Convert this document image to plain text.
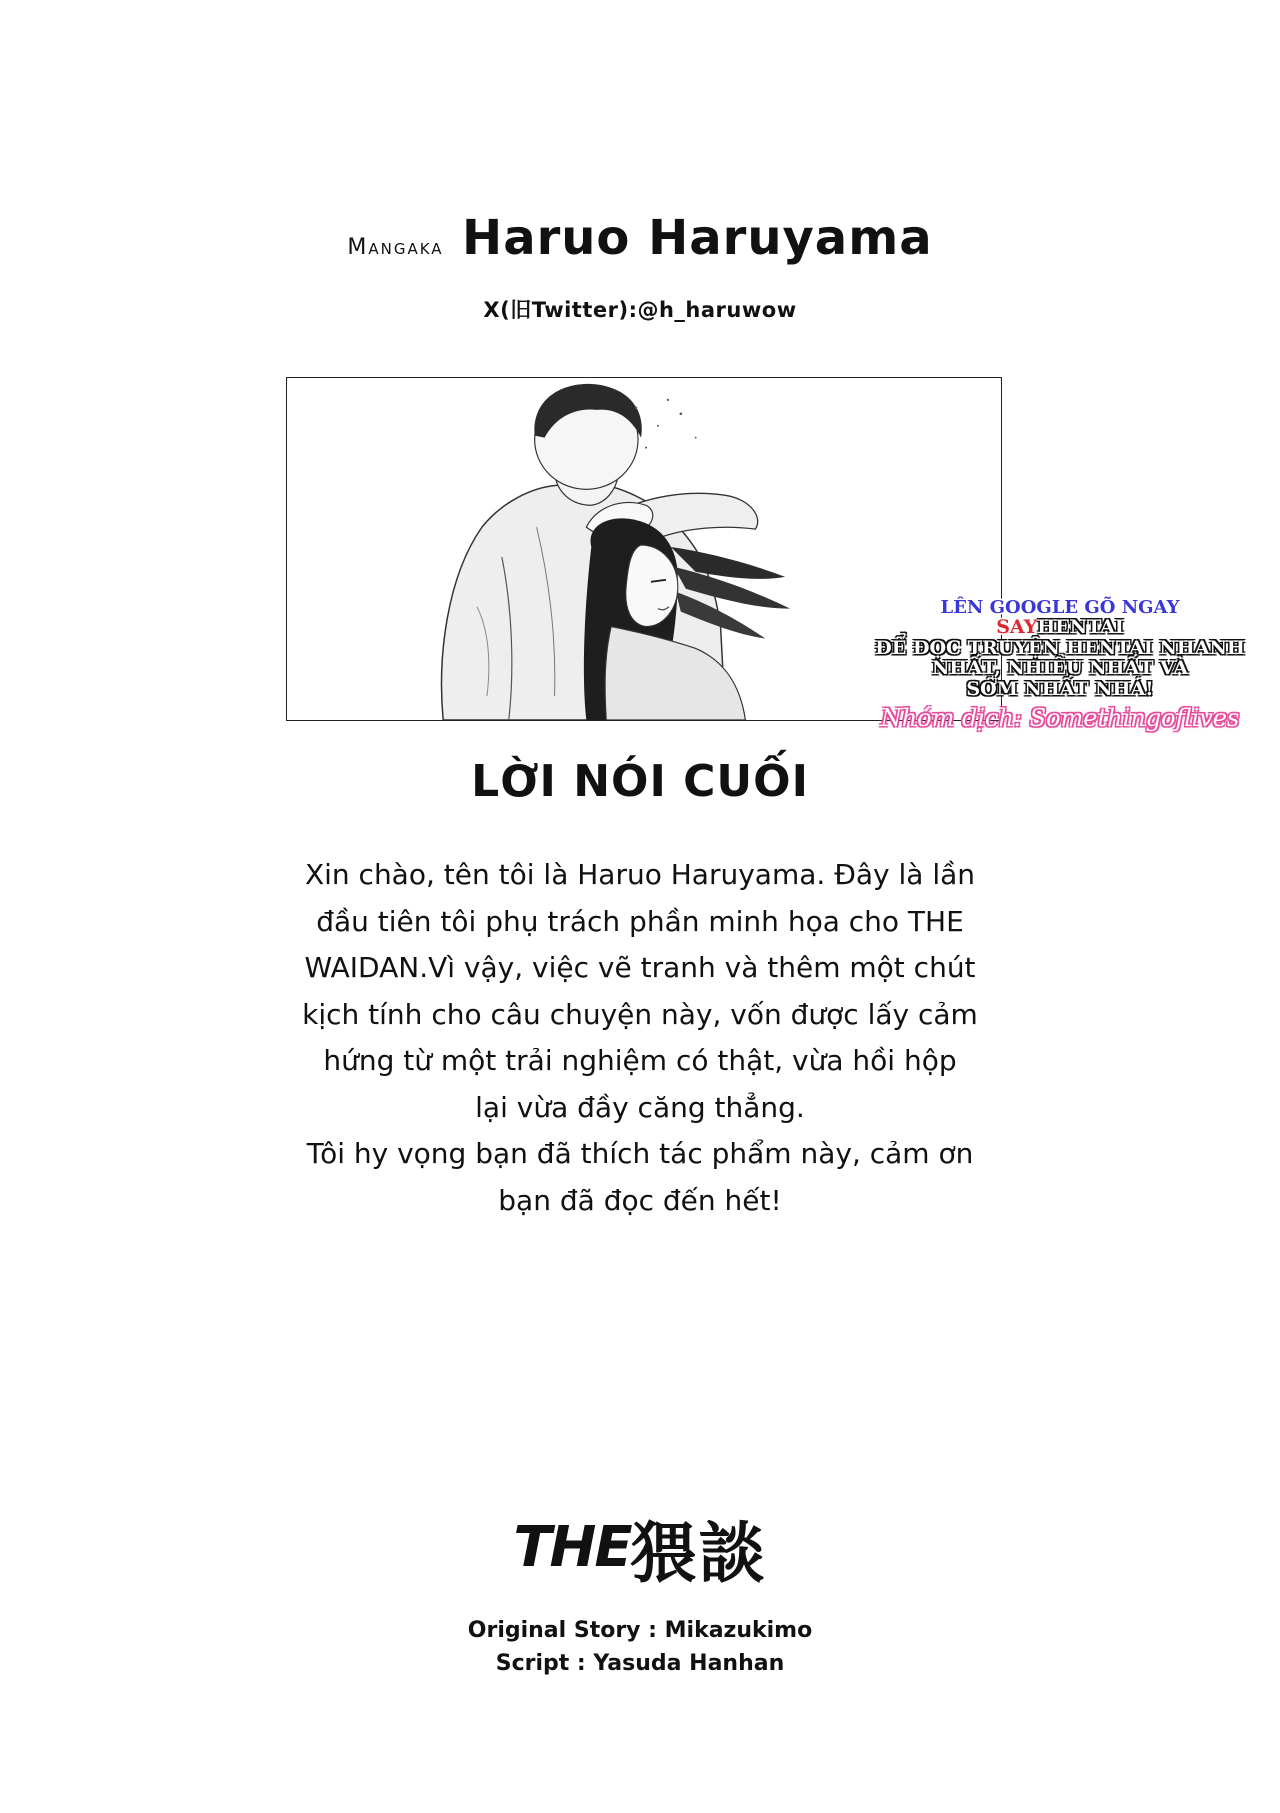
Mangaka Haruo Haruyama
X(旧Twitter):@h_haruwow
LÊN GOOGLE GÕ NGAY
SAYHENTAI
ĐỂ ĐỌC TRUYỆN HENTAI NHANH
NHẤT, NHIỀU NHẤT VÀ
SỚM NHẤT NHÁ!
Nhóm dịch: Somethingoflives
LỜI NÓI CUỐI

Xin chào, tên tôi là Haruo Haruyama. Đây là lần
đầu tiên tôi phụ trách phần minh họa cho THE
WAIDAN.Vì vậy, việc vẽ tranh và thêm một chút
kịch tính cho câu chuyện này, vốn được lấy cảm
hứng từ một trải nghiệm có thật, vừa hồi hộp
lại vừa đầy căng thẳng.
Tôi hy vọng bạn đã thích tác phẩm này, cảm ơn
bạn đã đọc đến hết!

THE猥談
Original Story : Mikazukimo
Script : Yasuda Hanhan
